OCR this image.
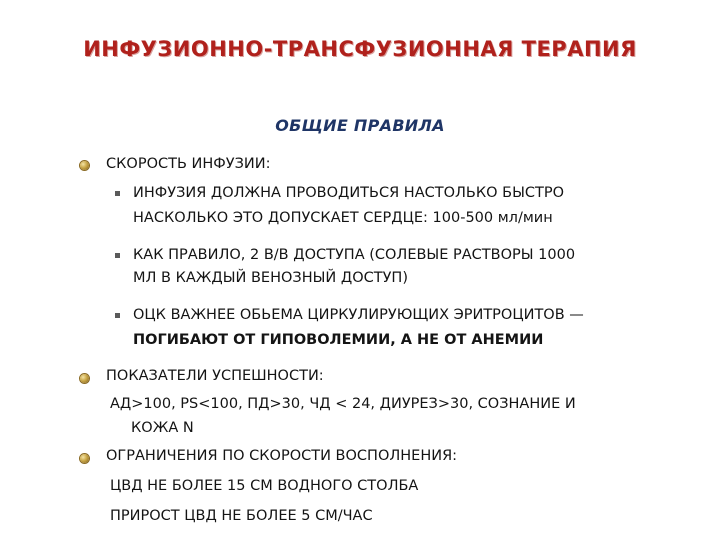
ИНФУЗИОННО-ТРАНСФУЗИОННАЯ ТЕРАПИЯ
ОБЩИЕ ПРАВИЛА
СКОРОСТЬ ИНФУЗИИ:
ИНФУЗИЯ ДОЛЖНА ПРОВОДИТЬСЯ НАСТОЛЬКО БЫСТРО
НАСКОЛЬКО ЭТО ДОПУСКАЕТ СЕРДЦЕ: 100-500 мл/мин
КАК ПРАВИЛО, 2 В/В ДОСТУПА (СОЛЕВЫЕ РАСТВОРЫ 1000
МЛ В КАЖДЫЙ ВЕНОЗНЫЙ ДОСТУП)
ОЦК ВАЖНЕЕ ОБЬЕМА ЦИРКУЛИРУЮЩИХ ЭРИТРОЦИТОВ —
ПОГИБАЮТ ОТ ГИПОВОЛЕМИИ, А НЕ ОТ АНЕМИИ
ПОКАЗАТЕЛИ УСПЕШНОСТИ:
АД>100, PS<100, ПД>30, ЧД < 24, ДИУРЕЗ>30, СОЗНАНИЕ И
КОЖА N
ОГРАНИЧЕНИЯ ПО СКОРОСТИ ВОСПОЛНЕНИЯ:
ЦВД НЕ БОЛЕЕ 15 СМ ВОДНОГО СТОЛБА
ПРИРОСТ ЦВД НЕ БОЛЕЕ 5 СМ/ЧАС
